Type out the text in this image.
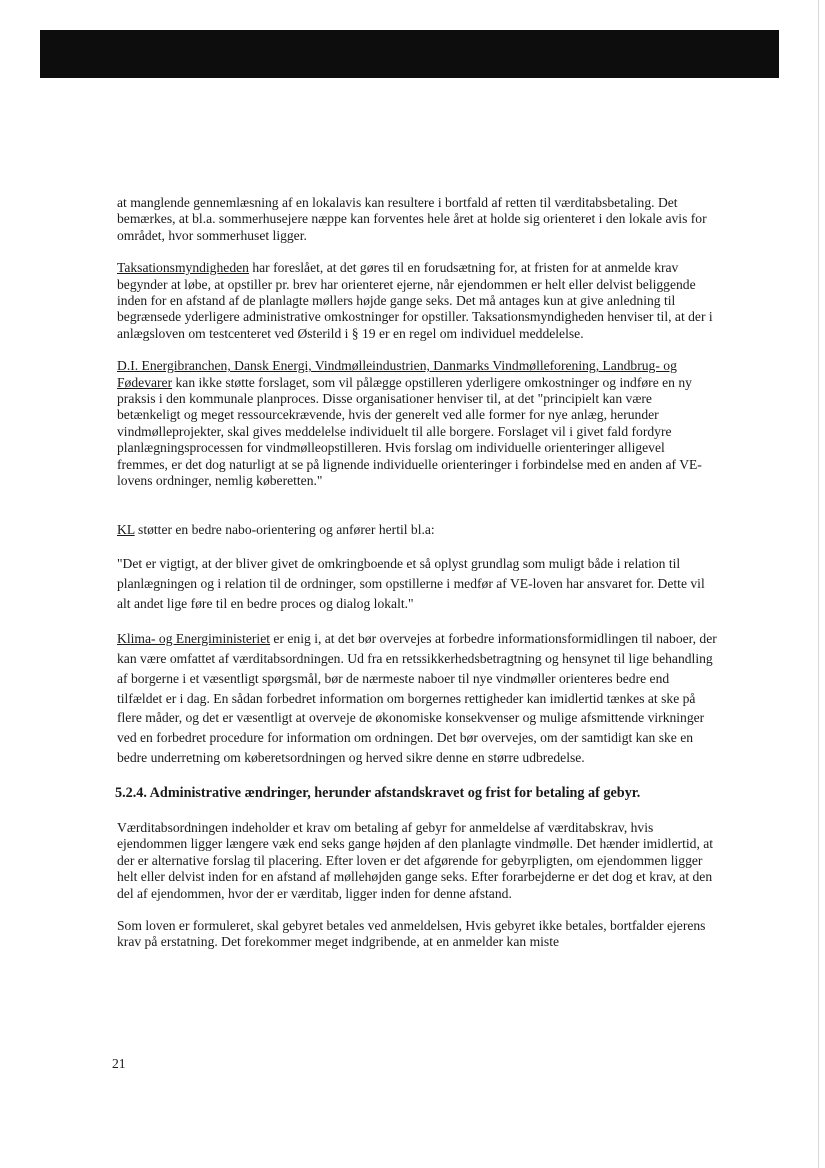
at manglende gennemlæsning af en lokalavis kan resultere i bortfald af retten til værditabsbetaling. Det bemærkes, at bl.a. sommerhusejere næppe kan forventes hele året at holde sig orienteret i den lokale avis for området, hvor sommerhuset ligger.

Taksationsmyndigheden har foreslået, at det gøres til en forudsætning for, at fristen for at anmelde krav begynder at løbe, at opstiller pr. brev har orienteret ejerne, når ejendommen er helt eller delvist beliggende inden for en afstand af de planlagte møllers højde gange seks. Det må antages kun at give anledning til begrænsede yderligere administrative omkostninger for opstiller. Taksationsmyndigheden henviser til, at der i anlægsloven om testcenteret ved Østerild i § 19 er en regel om individuel meddelelse.

D.I. Energibranchen, Dansk Energi, Vindmølleindustrien, Danmarks Vindmølleforening, Landbrug- og Fødevarer kan ikke støtte forslaget, som vil pålægge opstilleren yderligere omkostninger og indføre en ny praksis i den kommunale planproces. Disse organisationer henviser til, at det "principielt kan være betænkeligt og meget ressourcekrævende, hvis der generelt ved alle former for nye anlæg, herunder vindmølleprojekter, skal gives meddelelse individuelt til alle borgere. Forslaget vil i givet fald fordyre planlægningsprocessen for vindmølleopstilleren. Hvis forslag om individuelle orienteringer alligevel fremmes, er det dog naturligt at se på lignende individuelle orienteringer i forbindelse med en anden af VE-lovens ordninger, nemlig køberetten."

KL støtter en bedre nabo-orientering og anfører hertil bl.a:

"Det er vigtigt, at der bliver givet de omkringboende et så oplyst grundlag som muligt både i relation til planlægningen og i relation til de ordninger, som opstillerne i medfør af VE-loven har ansvaret for. Dette vil alt andet lige føre til en bedre proces og dialog lokalt."

Klima- og Energiministeriet er enig i, at det bør overvejes at forbedre informationsformidlingen til naboer, der kan være omfattet af værditabsordningen. Ud fra en retssikkerhedsbetragtning og hensynet til lige behandling af borgerne i et væsentligt spørgsmål, bør de nærmeste naboer til nye vindmøller orienteres bedre end tilfældet er i dag. En sådan forbedret information om borgernes rettigheder kan imidlertid tænkes at ske på flere måder, og det er væsentligt at overveje de økonomiske konsekvenser og mulige afsmittende virkninger ved en forbedret procedure for information om ordningen. Det bør overvejes, om der samtidigt kan ske en bedre underretning om køberetsordningen og herved sikre denne en større udbredelse.

5.2.4. Administrative ændringer, herunder afstandskravet og frist for betaling af gebyr.

Værditabsordningen indeholder et krav om betaling af gebyr for anmeldelse af værditabskrav, hvis ejendommen ligger længere væk end seks gange højden af den planlagte vindmølle. Det hænder imidlertid, at der er alternative forslag til placering. Efter loven er det afgørende for gebyrpligten, om ejendommen ligger helt eller delvist inden for en afstand af møllehøjden gange seks. Efter forarbejderne er det dog et krav, at den del af ejendommen, hvor der er værditab, ligger inden for denne afstand.

Som loven er formuleret, skal gebyret betales ved anmeldelsen, Hvis gebyret ikke betales, bortfalder ejerens krav på erstatning. Det forekommer meget indgribende, at en anmelder kan miste

21
